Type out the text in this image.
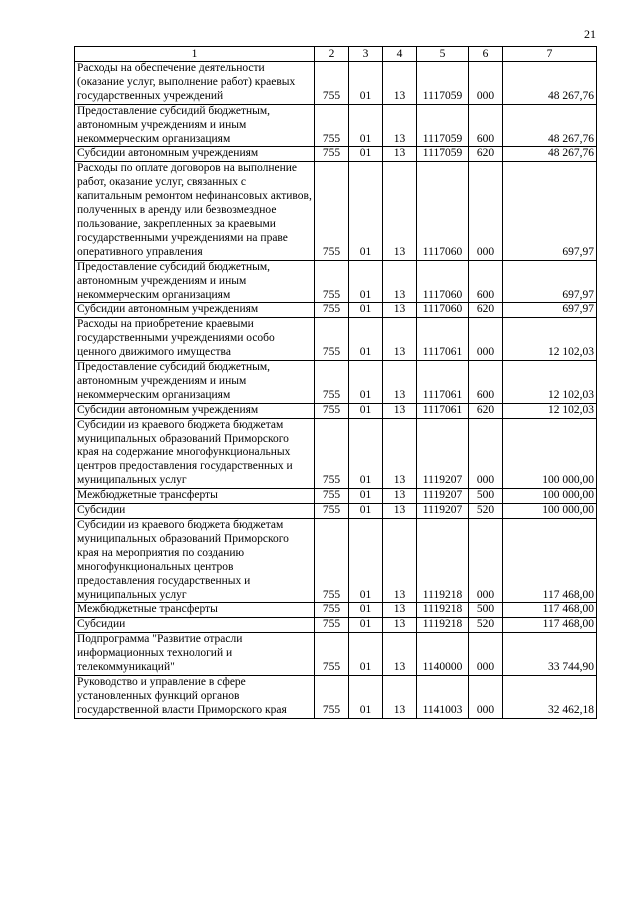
21
1	2	3	4	5	6	7
Расходы на обеспечение деятельности (оказание услуг, выполнение работ) краевых государственных учреждений	755	01	13	1117059	000	48 267,76
Предоставление субсидий бюджетным, автономным учреждениям и иным некоммерческим организациям	755	01	13	1117059	600	48 267,76
Субсидии автономным учреждениям	755	01	13	1117059	620	48 267,76
Расходы по оплате договоров на выполнение работ, оказание услуг, связанных с капитальным ремонтом нефинансовых активов, полученных в аренду или безвозмездное пользование, закрепленных за краевыми государственными учреждениями на праве оперативного управления	755	01	13	1117060	000	697,97
Предоставление субсидий бюджетным, автономным учреждениям и иным некоммерческим организациям	755	01	13	1117060	600	697,97
Субсидии автономным учреждениям	755	01	13	1117060	620	697,97
Расходы на приобретение краевыми государственными учреждениями особо ценного движимого имущества	755	01	13	1117061	000	12 102,03
Предоставление субсидий бюджетным, автономным учреждениям и иным некоммерческим организациям	755	01	13	1117061	600	12 102,03
Субсидии автономным учреждениям	755	01	13	1117061	620	12 102,03
Субсидии из краевого бюджета бюджетам муниципальных образований Приморского края на содержание многофункциональных центров предоставления государственных и муниципальных услуг	755	01	13	1119207	000	100 000,00
Межбюджетные трансферты	755	01	13	1119207	500	100 000,00
Субсидии	755	01	13	1119207	520	100 000,00
Субсидии из краевого бюджета бюджетам муниципальных образований Приморского края на мероприятия по созданию многофункциональных центров предоставления государственных и муниципальных услуг	755	01	13	1119218	000	117 468,00
Межбюджетные трансферты	755	01	13	1119218	500	117 468,00
Субсидии	755	01	13	1119218	520	117 468,00
Подпрограмма "Развитие отрасли информационных технологий и телекоммуникаций"	755	01	13	1140000	000	33 744,90
Руководство и управление в сфере установленных функций органов государственной власти Приморского края	755	01	13	1141003	000	32 462,18
